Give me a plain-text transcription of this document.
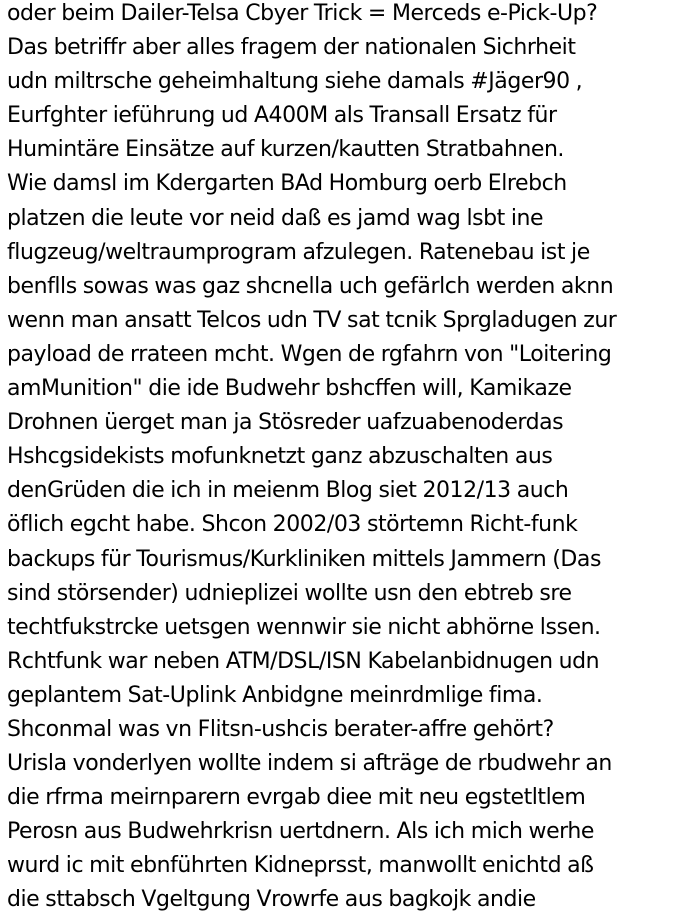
oder beim Dailer-Telsa Cbyer Trick = Merceds e-Pick-Up?
Das betriffr aber alles fragem der nationalen Sichrheit
udn miltrsche geheimhaltung siehe damals #Jäger90 ,
Eurfghter ieführung ud A400M als Transall Ersatz für
Humintäre Einsätze auf kurzen/kautten Stratbahnen.
Wie damsl im Kdergarten BAd Homburg oerb Elrebch
platzen die leute vor neid daß es jamd wag lsbt ine
flugzeug/weltraumprogram afzulegen. Ratenebau ist je
benflls sowas was gaz shcnella uch gefärlch werden aknn
wenn man ansatt Telcos udn TV sat tcnik Sprgladugen zur
payload de rrateen mcht. Wgen de rgfahrn von "Loitering
amMunition" die ide Budwehr bshcffen will, Kamikaze
Drohnen üerget man ja Stösreder uafzuabenoderdas
Hshcgsidekists mofunknetzt ganz abzuschalten aus
denGrüden die ich in meienm Blog siet 2012/13 auch
öflich egcht habe. Shcon 2002/03 störtemn Richt-funk
backups für Tourismus/Kurkliniken mittels Jammern (Das
sind störsender) udnieplizei wollte usn den ebtreb sre
techtfukstrcke uetsgen wennwir sie nicht abhörne lssen.
Rchtfunk war neben ATM/DSL/ISN Kabelanbidnugen udn
geplantem Sat-Uplink Anbidgne meinrdmlige fima.
Shconmal was vn Flitsn-ushcis berater-affre gehört?
Urisla vonderlyen wollte indem si afträge de rbudwehr an
die rfrma meirnparern evrgab diee mit neu egstetltlem
Perosn aus Budwehrkrisn uertdnern. Als ich mich werhe
wurd ic mit ebnführten Kidneprsst, manwollt enichtd aß
die sttabsch Vgeltgung Vrowrfe aus bagkojk andie
